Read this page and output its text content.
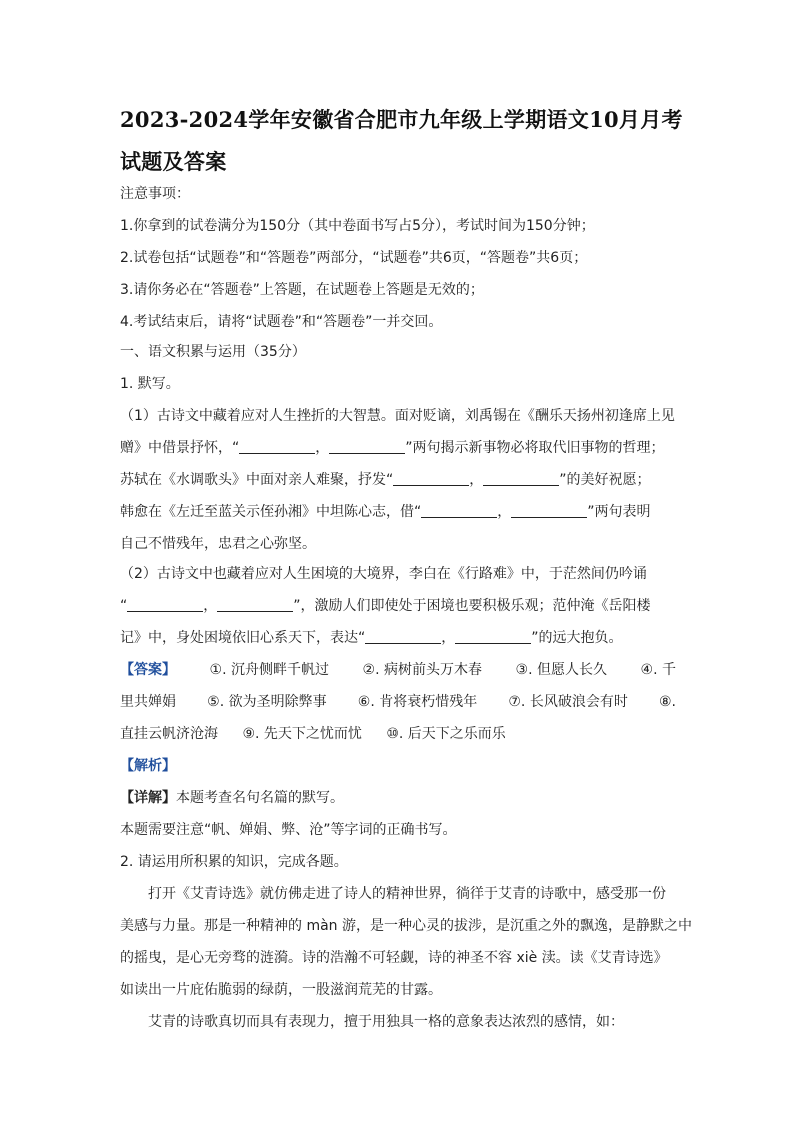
2023-2024学年安徽省合肥市九年级上学期语文10月月考
试题及答案
注意事项：
1.你拿到的试卷满分为150分（其中卷面书写占5分），考试时间为150分钟；
2.试卷包括“试题卷”和“答题卷”两部分，“试题卷”共6页，“答题卷”共6页；
3.请你务必在“答题卷”上答题，在试题卷上答题是无效的；
4.考试结束后，请将“试题卷”和“答题卷”一并交回。
一、语文积累与运用（35分）
1. 默写。
（1）古诗文中藏着应对人生挫折的大智慧。面对贬谪，刘禹锡在《酬乐天扬州初逢席上见
赠》中借景抒怀，“	，	”两句揭示新事物必将取代旧事物的哲理；
苏轼在《水调歌头》中面对亲人难聚，抒发“	，	”的美好祝愿；
韩愈在《左迁至蓝关示侄孙湘》中坦陈心志，借“	，	”两句表明
自己不惜残年，忠君之心弥坚。
（2）古诗文中也藏着应对人生困境的大境界，李白在《行路难》中，于茫然间仍吟诵
“	，	”，激励人们即使处于困境也要积极乐观；范仲淹《岳阳楼
记》中，身处困境依旧心系天下，表达“	，	”的远大抱负。
【答案】 ①. 沉舟侧畔千帆过 ②. 病树前头万木春 ③. 但愿人长久 ④. 千
里共婵娟 ⑤. 欲为圣明除弊事 ⑥. 肯将衰朽惜残年 ⑦. 长风破浪会有时 ⑧.
直挂云帆济沧海 ⑨. 先天下之忧而忧 ⑩. 后天下之乐而乐
【解析】
【详解】本题考查名句名篇的默写。
本题需要注意“帆、婵娟、弊、沧”等字词的正确书写。
2. 请运用所积累的知识，完成各题。
打开《艾青诗选》就仿佛走进了诗人的精神世界，徜徉于艾青的诗歌中，感受那一份
美感与力量。那是一种精神的 màn 游，是一种心灵的拔涉，是沉重之外的飘逸，是静默之中
的摇曳，是心无旁骛的涟漪。诗的浩瀚不可轻觑，诗的神圣不容 xiè 渎。读《艾青诗选》
如读出一片庇佑脆弱的绿荫，一股滋润荒芜的甘露。
艾青的诗歌真切而具有表现力，擅于用独具一格的意象表达浓烈的感情，如：
